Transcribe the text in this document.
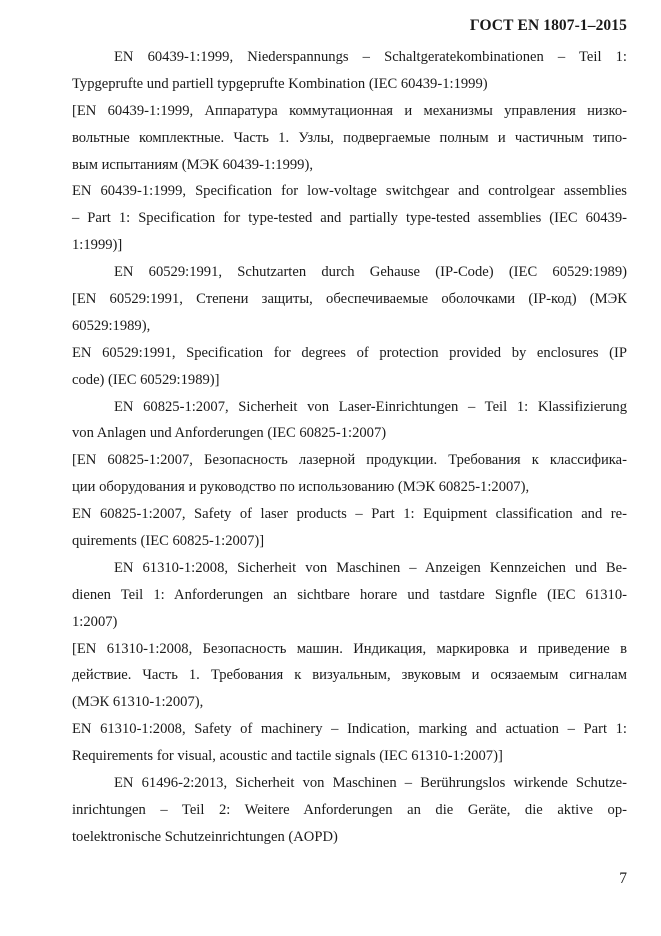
ГОСТ EN 1807-1–2015
EN 60439-1:1999, Niederspannungs – Schaltgeratekombinationen – Teil 1:
Typgeprufte und partiell typgeprufte Kombination (IEC 60439-1:1999)
[EN 60439-1:1999, Аппаратура коммутационная и механизмы управления низко-
вольтные комплектные. Часть 1. Узлы, подвергаемые полным и частичным типо-
вым испытаниям (МЭК 60439-1:1999),
EN 60439-1:1999, Specification for low-voltage switchgear and controlgear assemblies
– Part 1: Specification for type-tested and partially type-tested assemblies (IEC 60439-
1:1999)]
EN 60529:1991, Schutzarten durch Gehause (IP-Code) (IEC 60529:1989)
[EN 60529:1991, Степени защиты, обеспечиваемые оболочками (IP-код) (МЭК
60529:1989),
EN 60529:1991, Specification for degrees of protection provided by enclosures (IP
code) (IEC 60529:1989)]
EN 60825-1:2007, Sicherheit von Laser-Einrichtungen – Teil 1: Klassifizierung
von Anlagen und Anforderungen (IEC 60825-1:2007)
[EN 60825-1:2007, Безопасность лазерной продукции. Требования к классифика-
ции оборудования и руководство по использованию (МЭК 60825-1:2007),
EN 60825-1:2007, Safety of laser products – Part 1: Equipment classification and re-
quirements (IEC 60825-1:2007)]
EN 61310-1:2008, Sicherheit von Maschinen – Anzeigen Kennzeichen und Be-
dienen Teil 1: Anforderungen an sichtbare horare und tastdare Signfle (IEC 61310-
1:2007)
[EN 61310-1:2008, Безопасность машин. Индикация, маркировка и приведение в
действие. Часть 1. Требования к визуальным, звуковым и осязаемым сигналам
(МЭК 61310-1:2007),
EN 61310-1:2008, Safety of machinery – Indication, marking and actuation – Part 1:
Requirements for visual, acoustic and tactile signals (IEC 61310-1:2007)]
EN 61496-2:2013, Sicherheit von Maschinen – Berührungslos wirkende Schutze-
inrichtungen – Teil 2: Weitere Anforderungen an die Geräte, die aktive op-
toelektronische Schutzeinrichtungen (AOPD)
7
